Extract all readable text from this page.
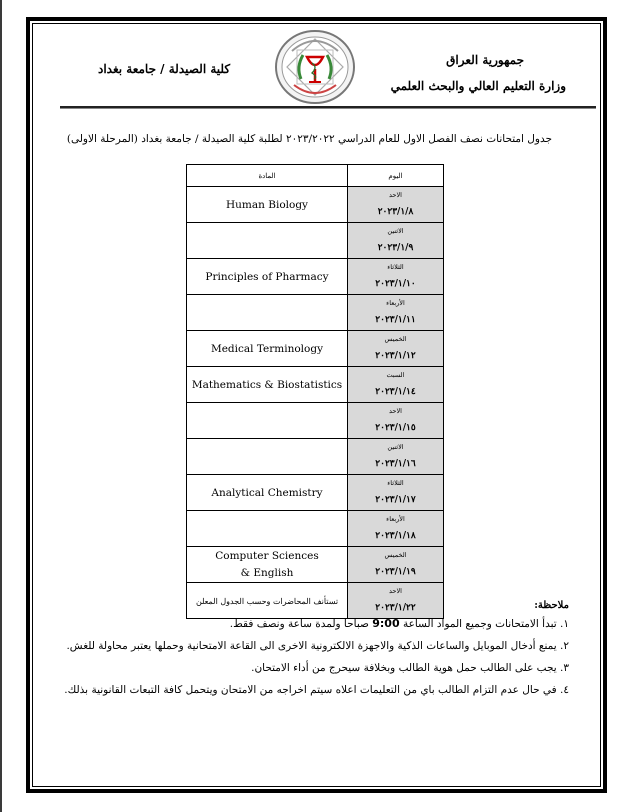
جمهورية العراق
وزارة التعليم العالي والبحث العلمي
كلية الصيدلة / جامعة بغداد
جدول امتحانات نصف الفصل الاول للعام الدراسي ٢٠٢٣/٢٠٢٢ لطلبة كلية الصيدلة / جامعة بغداد (المرحلة الاولى)
اليوم	المادة

الاحد
٢٠٢٣/١/٨	Human Biology

الاثنين
٢٠٢٣/١/٩	

الثلاثاء
٢٠٢٣/١/١٠	Principles of Pharmacy

الأربعاء
٢٠٢٣/١/١١	

الخميس
٢٠٢٣/١/١٢	Medical Terminology

السبت
٢٠٢٣/١/١٤	Mathematics & Biostatistics

الاحد
٢٠٢٣/١/١٥	

الاثنين
٢٠٢٣/١/١٦	

الثلاثاء
٢٠٢٣/١/١٧	Analytical Chemistry

الأربعاء
٢٠٢٣/١/١٨	

الخميس
٢٠٢٣/١/١٩	Computer Sciences
& English

الاحد
٢٠٢٣/١/٢٢	تستأنف المحاضرات وحسب الجدول المعلن	ملاحظة:
١. تبدأ الامتحانات وجميع المواد الساعة 9:00 صباحا ولمدة ساعة ونصف فقط.
٢. يمنع أدخال الموبايل والساعات الذكية والاجهزة الالكترونية الاخرى الى القاعة الامتحانية وحملها يعتبر محاولة للغش.
٣. يجب على الطالب حمل هوية الطالب وبخلافة سيحرج من أداء الامتحان.
٤. في حال عدم التزام الطالب باي من التعليمات اعلاه سيتم اخراجه من الامتحان ويتحمل كافة التبعات القانونية بذلك.
